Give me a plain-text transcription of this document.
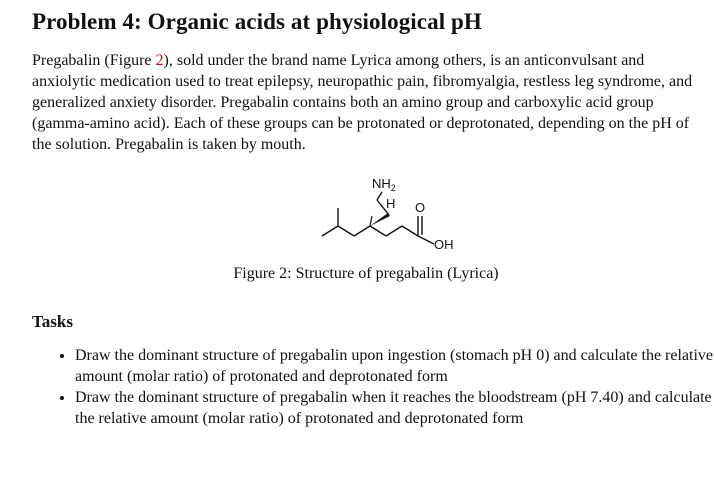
Problem 4: Organic acids at physiological pH

Pregabalin (Figure 2), sold under the brand name Lyrica among others, is an anticonvulsant and anxiolytic medication used to treat epilepsy, neuropathic pain, fibromyalgia, restless leg syndrome, and generalized anxiety disorder. Pregabalin contains both an amino group and carboxylic acid group (gamma-amino acid). Each of these groups can be protonated or deprotonated, depending on the pH of the solution. Pregabalin is taken by mouth.

$NH_2$
H O
OH
Figure 2: Structure of pregabalin (Lyrica)
Tasks
• Draw the dominant structure of pregabalin upon ingestion (stomach pH 0) and calculate the relative amount (molar ratio) of protonated and deprotonated form
• Draw the dominant structure of pregabalin when it reaches the bloodstream (pH 7.40) and calculate the relative amount (molar ratio) of protonated and deprotonated form
